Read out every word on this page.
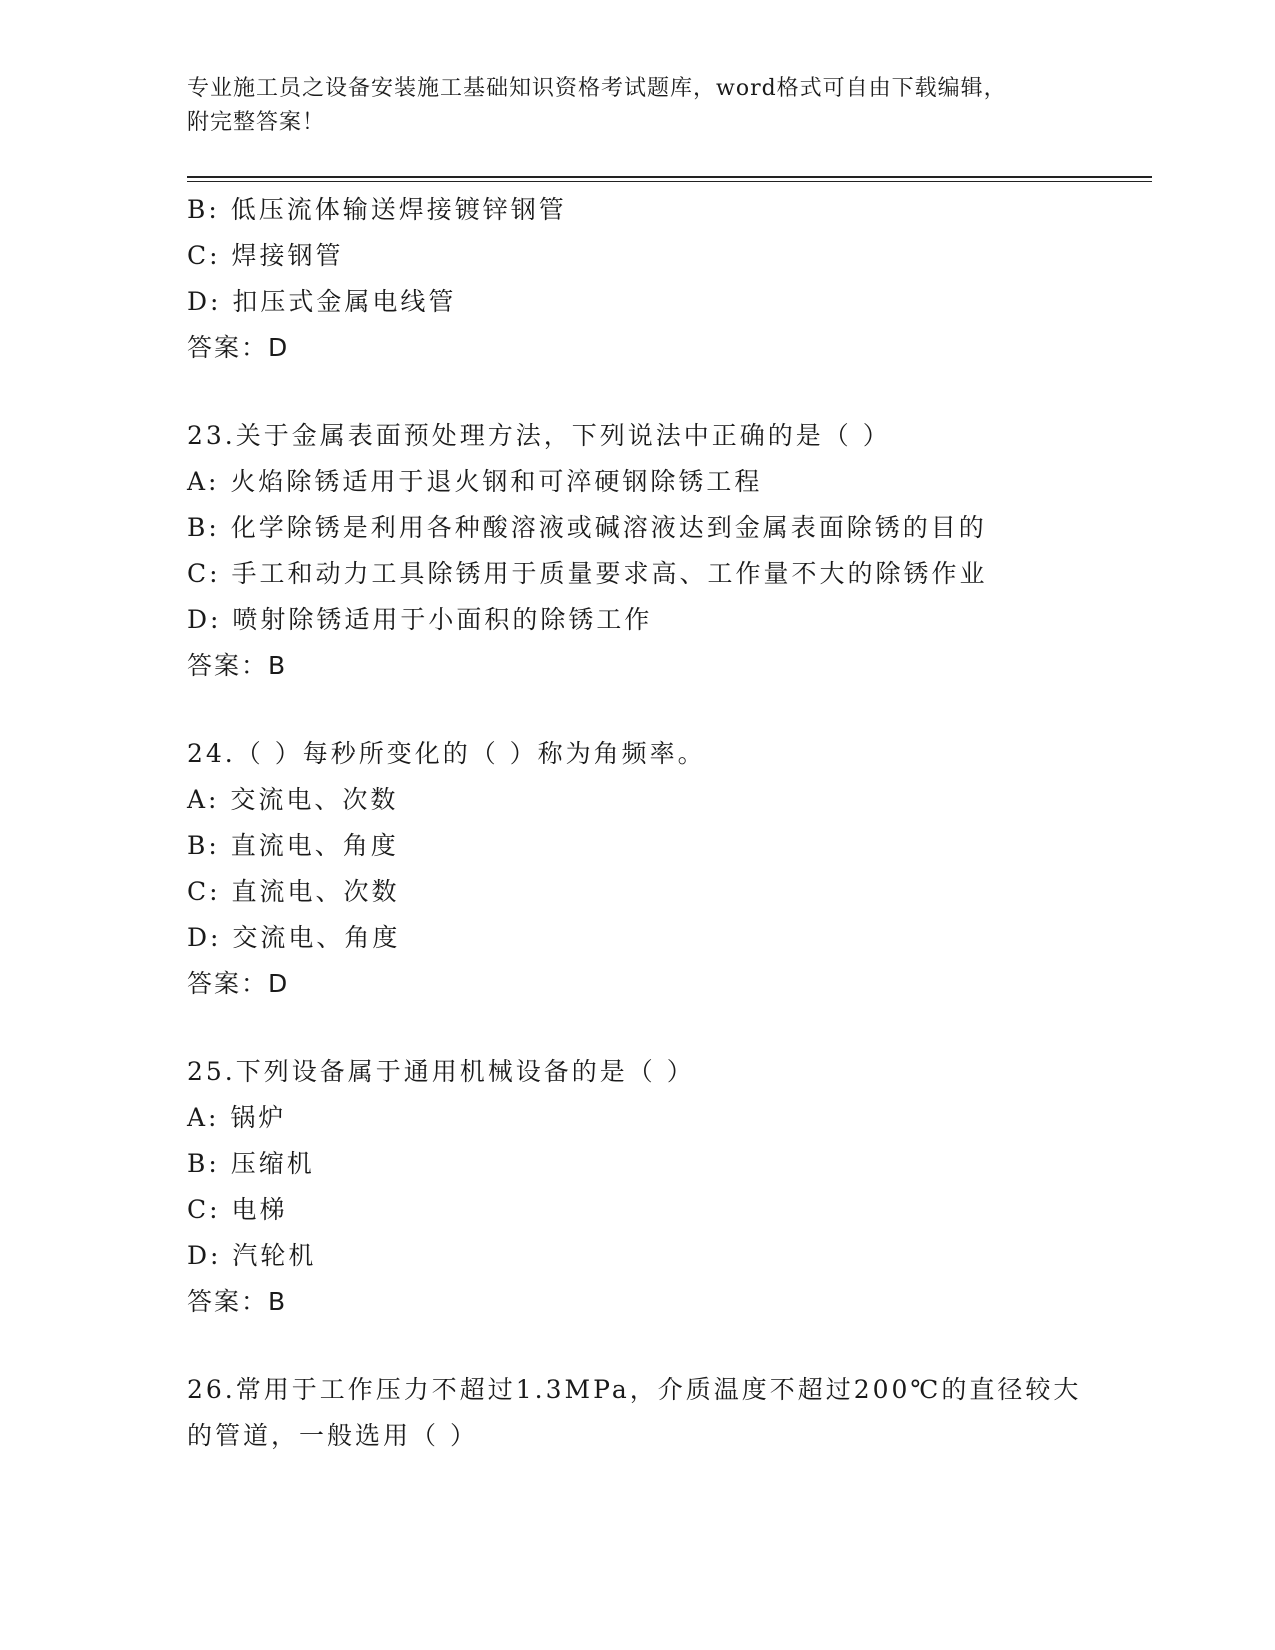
专业施工员之设备安装施工基础知识资格考试题库，word格式可自由下载编辑，
附完整答案！
B: 低压流体输送焊接镀锌钢管
C: 焊接钢管
D: 扣压式金属电线管
答案：D
23.关于金属表面预处理方法，下列说法中正确的是（ ）
A: 火焰除锈适用于退火钢和可淬硬钢除锈工程
B: 化学除锈是利用各种酸溶液或碱溶液达到金属表面除锈的目的
C: 手工和动力工具除锈用于质量要求高、工作量不大的除锈作业
D: 喷射除锈适用于小面积的除锈工作
答案：B
24.（ ）每秒所变化的（ ）称为角频率。
A: 交流电、次数
B: 直流电、角度
C: 直流电、次数
D: 交流电、角度
答案：D
25.下列设备属于通用机械设备的是（ ）
A: 锅炉
B: 压缩机
C: 电梯
D: 汽轮机
答案：B
26.常用于工作压力不超过1.3MPa，介质温度不超过200℃的直径较大
的管道，一般选用（ ）
